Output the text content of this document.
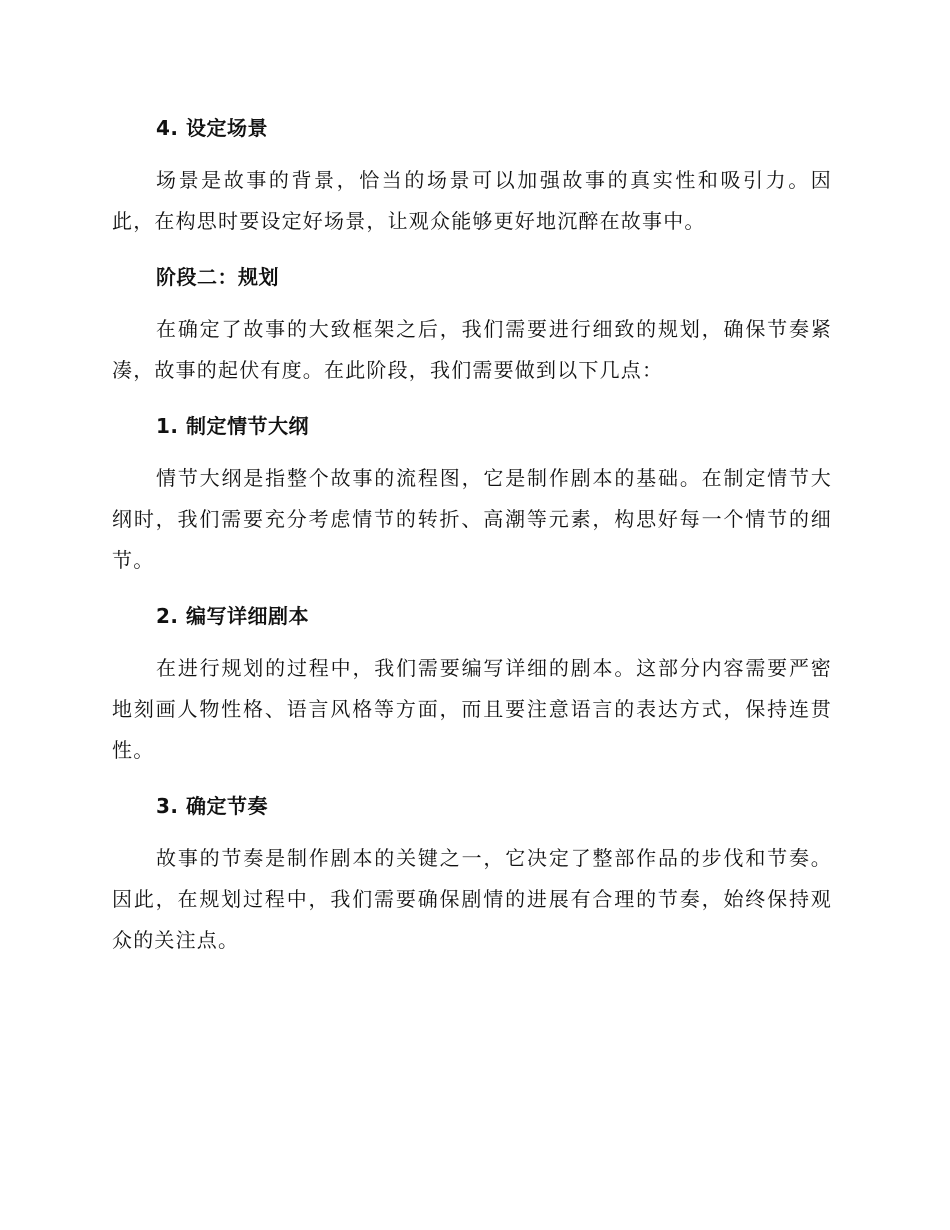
4. 设定场景

场景是故事的背景，恰当的场景可以加强故事的真实性和吸引力。因此，在构思时要设定好场景，让观众能够更好地沉醉在故事中。

阶段二：规划

在确定了故事的大致框架之后，我们需要进行细致的规划，确保节奏紧凑，故事的起伏有度。在此阶段，我们需要做到以下几点：

1. 制定情节大纲

情节大纲是指整个故事的流程图，它是制作剧本的基础。在制定情节大纲时，我们需要充分考虑情节的转折、高潮等元素，构思好每一个情节的细节。

2. 编写详细剧本

在进行规划的过程中，我们需要编写详细的剧本。这部分内容需要严密地刻画人物性格、语言风格等方面，而且要注意语言的表达方式，保持连贯性。

3. 确定节奏

故事的节奏是制作剧本的关键之一，它决定了整部作品的步伐和节奏。因此，在规划过程中，我们需要确保剧情的进展有合理的节奏，始终保持观众的关注点。
